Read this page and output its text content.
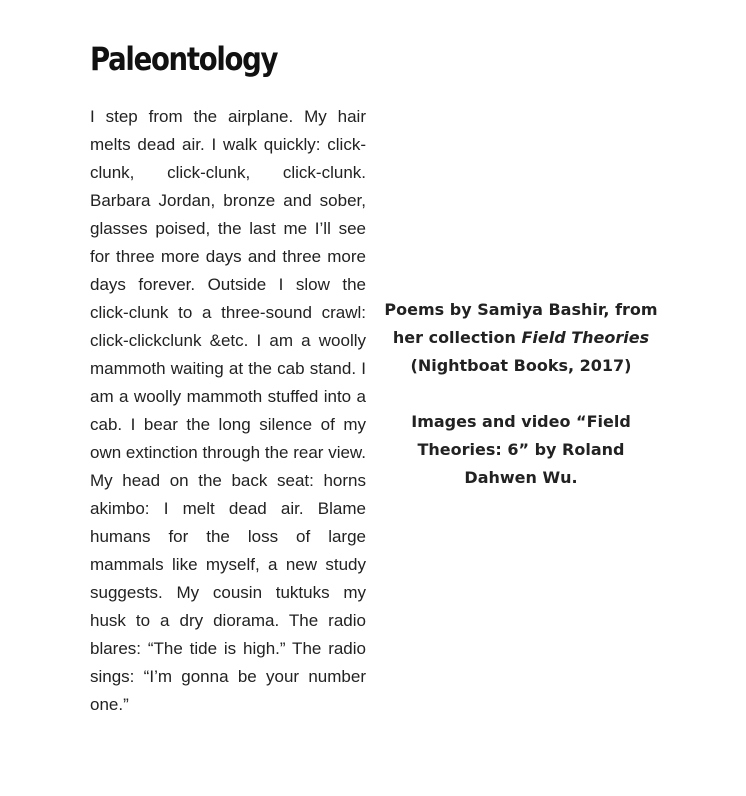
Paleontology

I step from the airplane. My hair melts dead air. I walk quickly: click-clunk, click-clunk, click-clunk. Barbara Jordan, bronze and sober, glasses poised, the last me I’ll see for three more days and three more days forever. Outside I slow the click-clunk to a three-sound crawl: click-clickclunk &etc. I am a woolly mammoth waiting at the cab stand. I am a woolly mammoth stuffed into a cab. I bear the long silence of my own extinction through the rear view. My head on the back seat: horns akimbo: I melt dead air. Blame humans for the loss of large mammals like myself, a new study suggests. My cousin tuktuks my husk to a dry diorama. The radio blares: “The tide is high.” The radio sings: “I’m gonna be your number one.”

Poems by Samiya Bashir, from her collection Field Theories (Nightboat Books, 2017)

Images and video “Field Theories: 6” by Roland Dahwen Wu.
